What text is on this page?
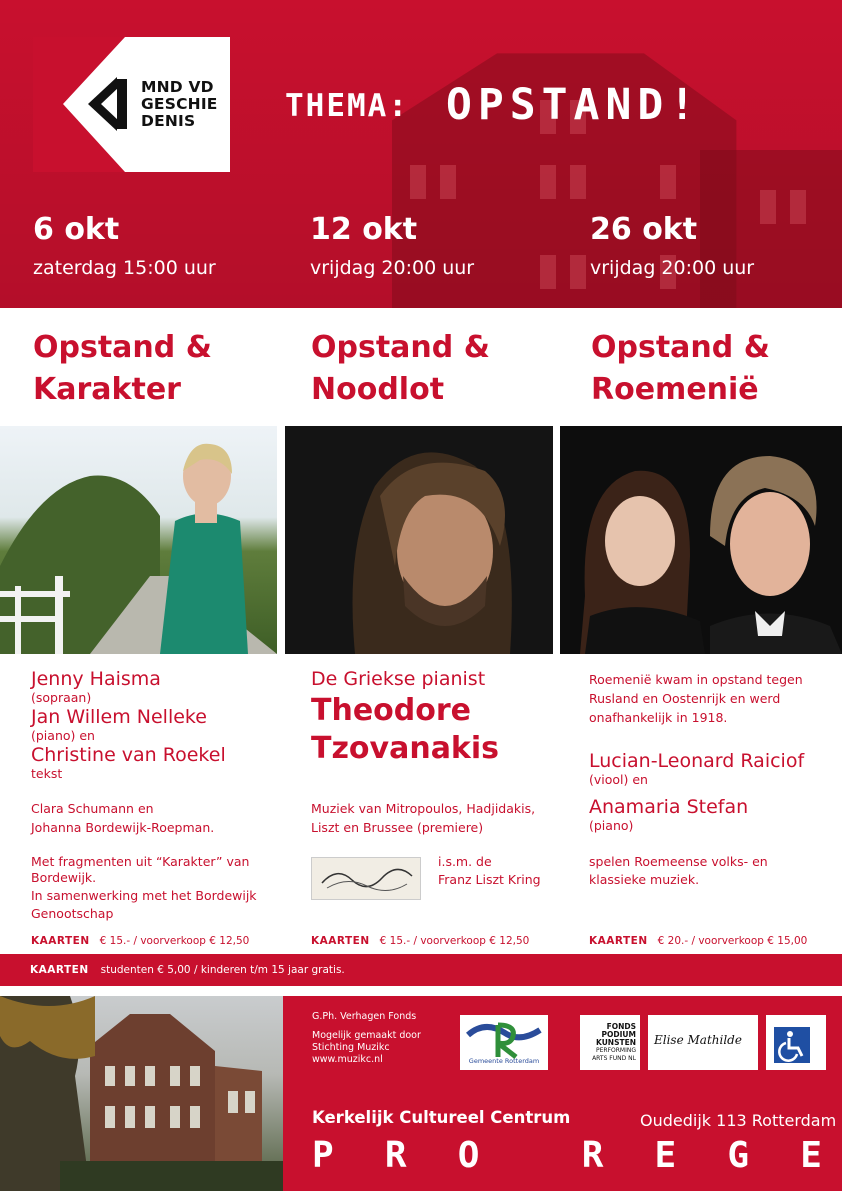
MND VD
GESCHIE
DENIS	THEMA: OPSTAND!
6 okt
zaterdag 15:00 uur
12 okt
vrijdag 20:00 uur
26 okt
vrijdag 20:00 uur
Opstand &
Karakter
Opstand &
Noodlot
Opstand &
Roemenië
Jenny Haisma
(sopraan)
Jan Willem Nelleke
(piano) en
Christine van Roekel
tekst
Clara Schumann en
Johanna Bordewijk-Roepman.
Met fragmenten uit “Karakter” van
Bordewijk.
In samenwerking met het Bordewijk
Genootschap
KAARTEN € 15.- / voorverkoop € 12,50
De Griekse pianist
Theodore
Tzovanakis
Muziek van Mitropoulos, Hadjidakis,
Liszt en Brussee (premiere)
i.s.m. de
Franz Liszt Kring
KAARTEN € 15.- / voorverkoop € 12,50
Roemenië kwam in opstand tegen
Rusland en Oostenrijk en werd
onafhankelijk in 1918.
Lucian-Leonard Raiciof
(viool) en
Anamaria Stefan
(piano)
spelen Roemeense volks- en
klassieke muziek.
KAARTEN € 20.- / voorverkoop € 15,00
KAARTEN studenten € 5,00 / kinderen t/m 15 jaar gratis.
G.Ph. Verhagen Fonds
Mogelijk gemaakt door
Stichting Muzikc
www.muzikc.nl	Gemeente Rotterdam
FONDS
PODIUM
KUNSTEN
PERFORMING
ARTS FUND NL
Elise Mathilde
Kerkelijk Cultureel Centrum	Oudedijk 113 Rotterdam
P R O	R E G E
